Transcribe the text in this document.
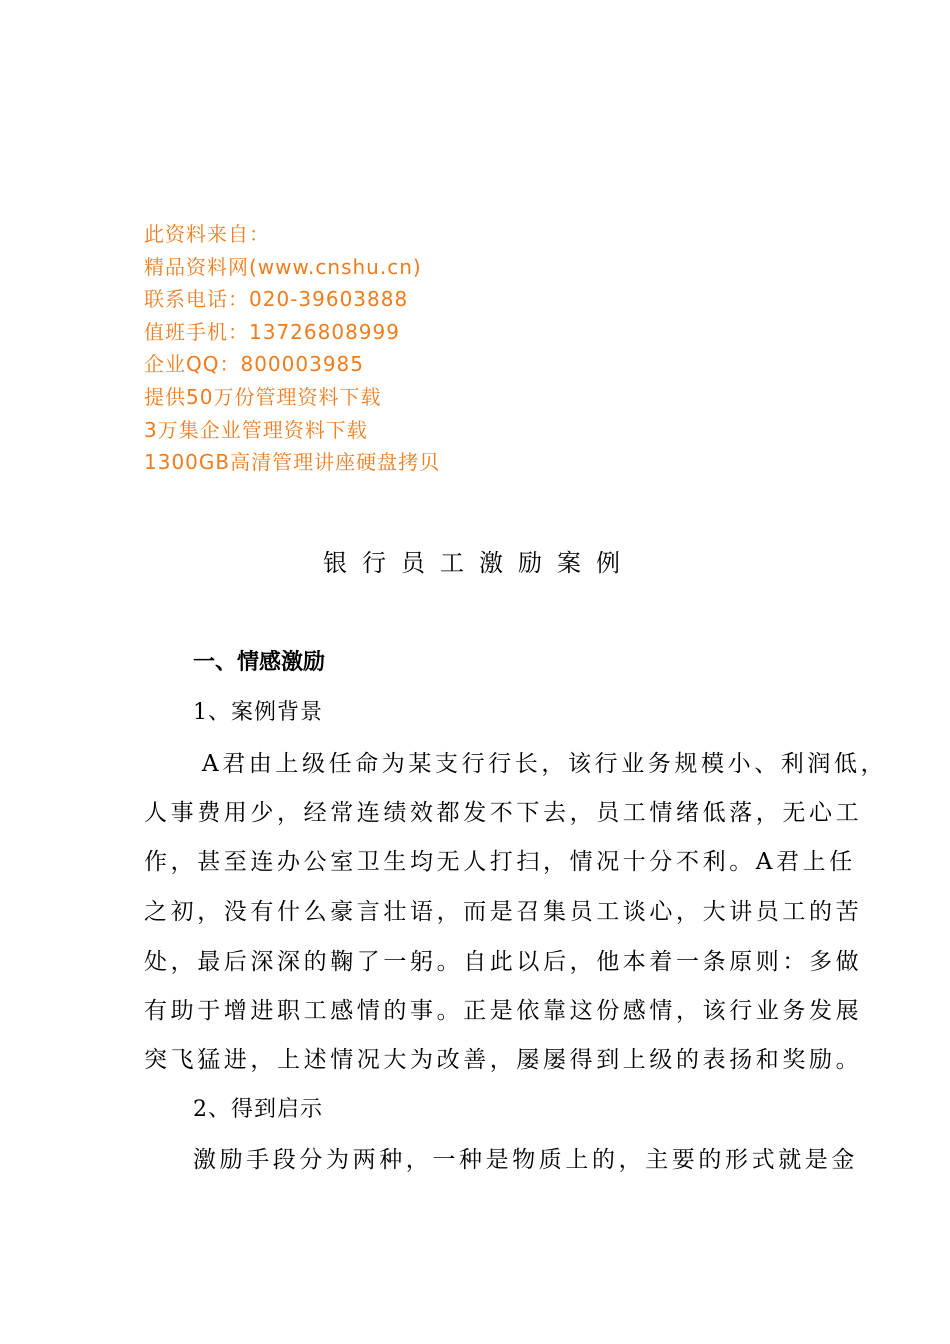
此资料来自：
精品资料网(www.cnshu.cn)
联系电话：020-39603888
值班手机：13726808999
企业QQ：800003985
提供50万份管理资料下载
3万集企业管理资料下载
1300GB高清管理讲座硬盘拷贝
银行员工激励案例
一、情感激励
1、案例背景
A君由上级任命为某支行行长，该行业务规模小、利润低，
人事费用少，经常连绩效都发不下去，员工情绪低落，无心工
作，甚至连办公室卫生均无人打扫，情况十分不利。A君上任
之初，没有什么豪言壮语，而是召集员工谈心，大讲员工的苦
处，最后深深的鞠了一躬。自此以后，他本着一条原则：多做
有助于增进职工感情的事。正是依靠这份感情，该行业务发展
突飞猛进，上述情况大为改善，屡屡得到上级的表扬和奖励。
2、得到启示
激励手段分为两种，一种是物质上的，主要的形式就是金
